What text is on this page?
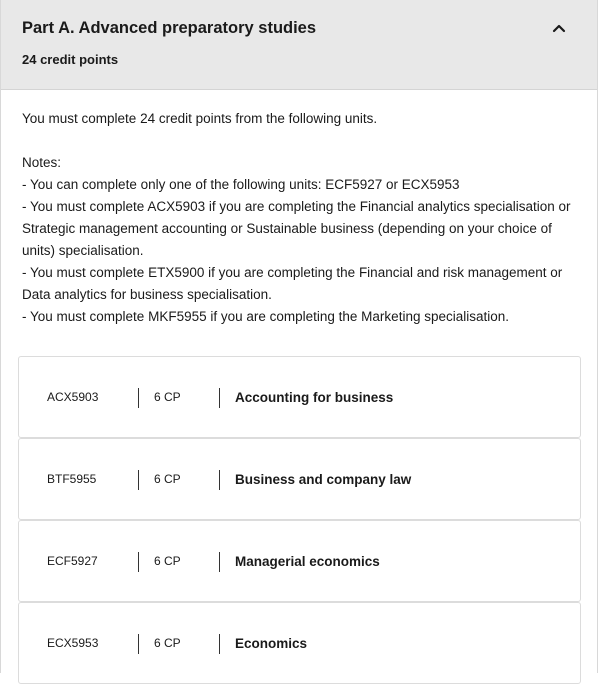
Part A. Advanced preparatory studies
24 credit points

You must complete 24 credit points from the following units.

Notes:

- You can complete only one of the following units: ECF5927 or ECX5953

- You must complete ACX5903 if you are completing the Financial analytics specialisation or Strategic management accounting or Sustainable business (depending on your choice of units) specialisation.

- You must complete ETX5900 if you are completing the Financial and risk management or Data analytics for business specialisation.

- You must complete MKF5955 if you are completing the Marketing specialisation.

ACX5903	6 CP	Accounting for business
BTF5955	6 CP	Business and company law
ECF5927	6 CP	Managerial economics
ECX5953	6 CP	Economics
